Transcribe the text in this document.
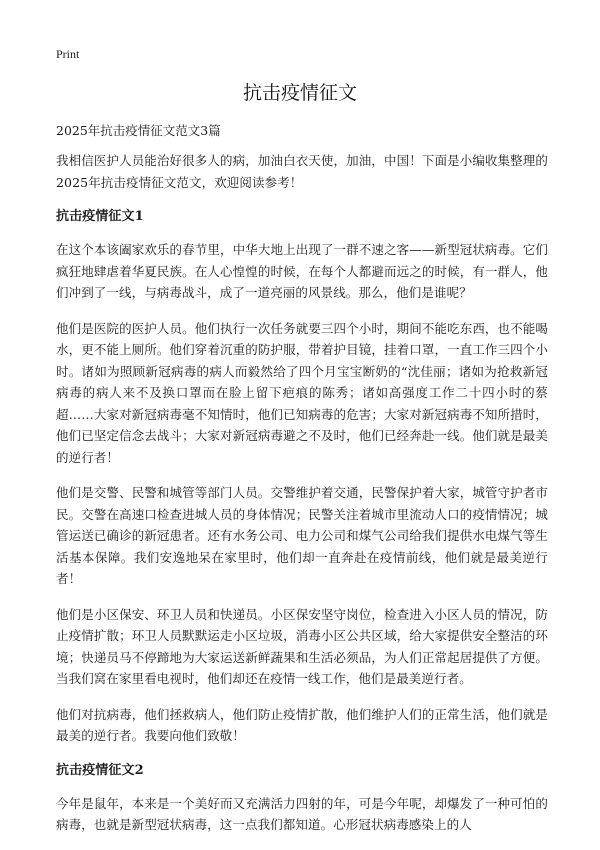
Print
抗击疫情征文

2025年抗击疫情征文范文3篇

我相信医护人员能治好很多人的病，加油白衣天使，加油，中国！下面是小编收集整理的2025年抗击疫情征文范文，欢迎阅读参考！

抗击疫情征文1

在这个本该阖家欢乐的春节里，中华大地上出现了一群不速之客——新型冠状病毒。它们疯狂地肆虐着华夏民族。在人心惶惶的时候，在每个人都避而远之的时候，有一群人，他们冲到了一线，与病毒战斗，成了一道亮丽的风景线。那么，他们是谁呢？

他们是医院的医护人员。他们执行一次任务就要三四个小时，期间不能吃东西，也不能喝水，更不能上厕所。他们穿着沉重的防护服，带着护目镜，挂着口罩，一直工作三四个小时。诸如为照顾新冠病毒的病人而毅然给了四个月宝宝断奶的“沈佳丽；诸如为抢救新冠病毒的病人来不及换口罩而在脸上留下疤痕的陈秀；诸如高强度工作二十四小时的蔡超……大家对新冠病毒毫不知情时，他们已知病毒的危害；大家对新冠病毒不知所措时，他们已坚定信念去战斗；大家对新冠病毒避之不及时，他们已经奔赴一线。他们就是最美的逆行者！

他们是交警、民警和城管等部门人员。交警维护着交通，民警保护着大家，城管守护者市民。交警在高速口检查进城人员的身体情况；民警关注着城市里流动人口的疫情情况；城管运送已确诊的新冠患者。还有水务公司、电力公司和煤气公司给我们提供水电煤气等生活基本保障。我们安逸地呆在家里时，他们却一直奔赴在疫情前线，他们就是最美逆行者！

他们是小区保安、环卫人员和快递员。小区保安坚守岗位，检查进入小区人员的情况，防止疫情扩散；环卫人员默默运走小区垃圾，消毒小区公共区域，给大家提供安全整洁的环境；快递员马不停蹄地为大家运送新鲜蔬果和生活必须品，为人们正常起居提供了方便。当我们窝在家里看电视时，他们却还在疫情一线工作，他们是最美逆行者。

他们对抗病毒，他们拯救病人，他们防止疫情扩散，他们维护人们的正常生活，他们就是最美的逆行者。我要向他们致敬！

抗击疫情征文2

今年是鼠年，本来是一个美好而又充满活力四射的年，可是今年呢，却爆发了一种可怕的病毒，也就是新型冠状病毒，这一点我们都知道。心形冠状病毒感染上的人
